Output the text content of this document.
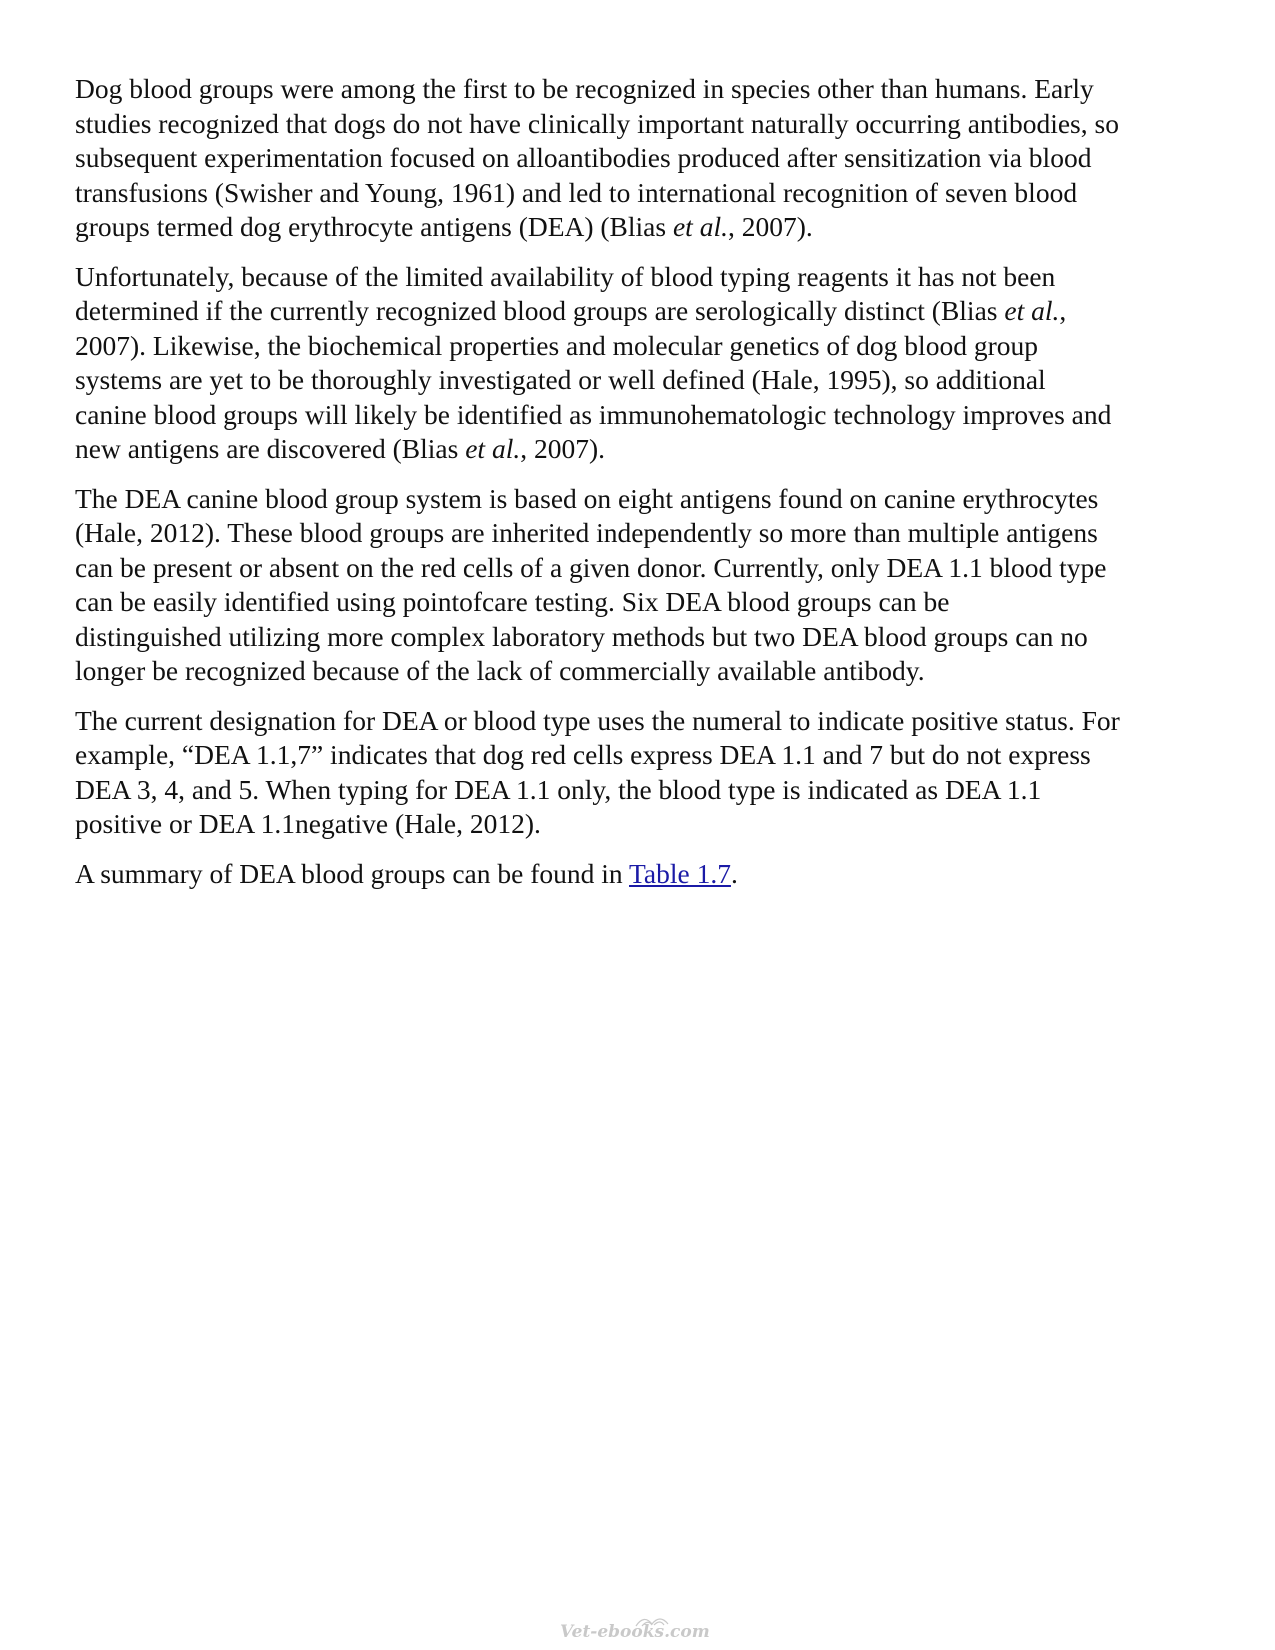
Dog blood groups were among the first to be recognized in species other than humans. Early
studies recognized that dogs do not have clinically important naturally occurring antibodies, so
subsequent experimentation focused on alloantibodies produced after sensitization via blood
transfusions (Swisher and Young, 1961) and led to international recognition of seven blood
groups termed dog erythrocyte antigens (DEA) (Blias et al., 2007).

Unfortunately, because of the limited availability of blood typing reagents it has not been
determined if the currently recognized blood groups are serologically distinct (Blias et al.,
2007). Likewise, the biochemical properties and molecular genetics of dog blood group
systems are yet to be thoroughly investigated or well defined (Hale, 1995), so additional
canine blood groups will likely be identified as immunohematologic technology improves and
new antigens are discovered (Blias et al., 2007).

The DEA canine blood group system is based on eight antigens found on canine erythrocytes
(Hale, 2012). These blood groups are inherited independently so more than multiple antigens
can be present or absent on the red cells of a given donor. Currently, only DEA 1.1 blood type
can be easily identified using pointofcare testing. Six DEA blood groups can be
distinguished utilizing more complex laboratory methods but two DEA blood groups can no
longer be recognized because of the lack of commercially available antibody.

The current designation for DEA or blood type uses the numeral to indicate positive status. For
example, “DEA 1.1,7” indicates that dog red cells express DEA 1.1 and 7 but do not express
DEA 3, 4, and 5. When typing for DEA 1.1 only, the blood type is indicated as DEA 1.1
positive or DEA 1.1negative (Hale, 2012).

A summary of DEA blood groups can be found in Table 1.7.

Vet-ebooks.com
